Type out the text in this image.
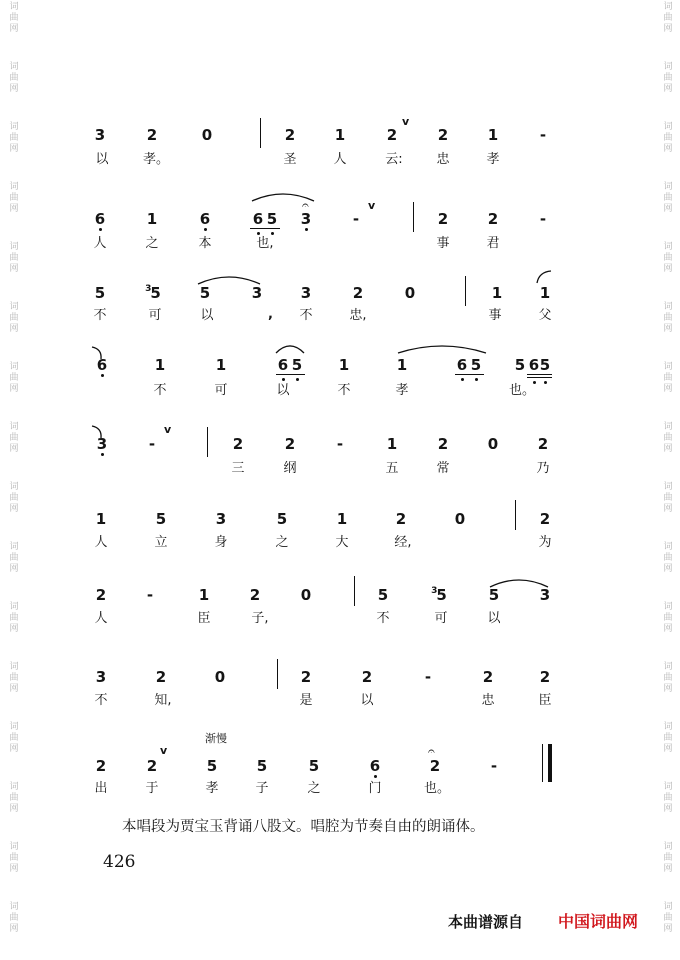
词
曲
网
词
曲
网
词
曲
网
词
曲
网
词
曲
网
词
曲
网
词
曲
网
词
曲
网
词
曲
网
词
曲
网
词
曲
网
词
曲
网
词
曲
网
词
曲
网
词
曲
网
词
曲
网
词
曲
网
词
曲
网
词
曲
网
词
曲
网
词
曲
网
词
曲
网
词
曲
网
词
曲
网
词
曲
网
词
曲
网
词
曲
网
词
曲
网
词
曲
网
词
曲
网
词
曲
网
词
曲
网
3	2	0	2	1	2
v
2	1	-
以	孝。	圣	人	云:	忠	孝
𝄐
6	1	6	6 5 3	-
v
2	2	-
人	之	本	也,	事	君
5	$^3$5	5	3	3	2	0	1	1
,
不	可	以	不	忠,	事	父
6	1	1	6 5 1	1	6 5 5 6 5
不	可	以	不	孝	也。
3	-
v
2	2	-	1	2	0	2
三	纲	五	常	乃
1	5	3	5	1	2	0	2
人	立	身	之	大	经,	为
2	-	1	2	0	5	$^3$5	5	3
人	臣	子,	不	可	以
3	2	0	2	2	-	2	2
不	知,	是	以	忠	臣
渐慢
v	𝄐
2	2	5	5	5	6	2	-
出	于	孝	子	之	门	也。
本唱段为贾宝玉背诵八股文。唱腔为节奏自由的朗诵体。
426
本曲谱源自 中国词曲网
